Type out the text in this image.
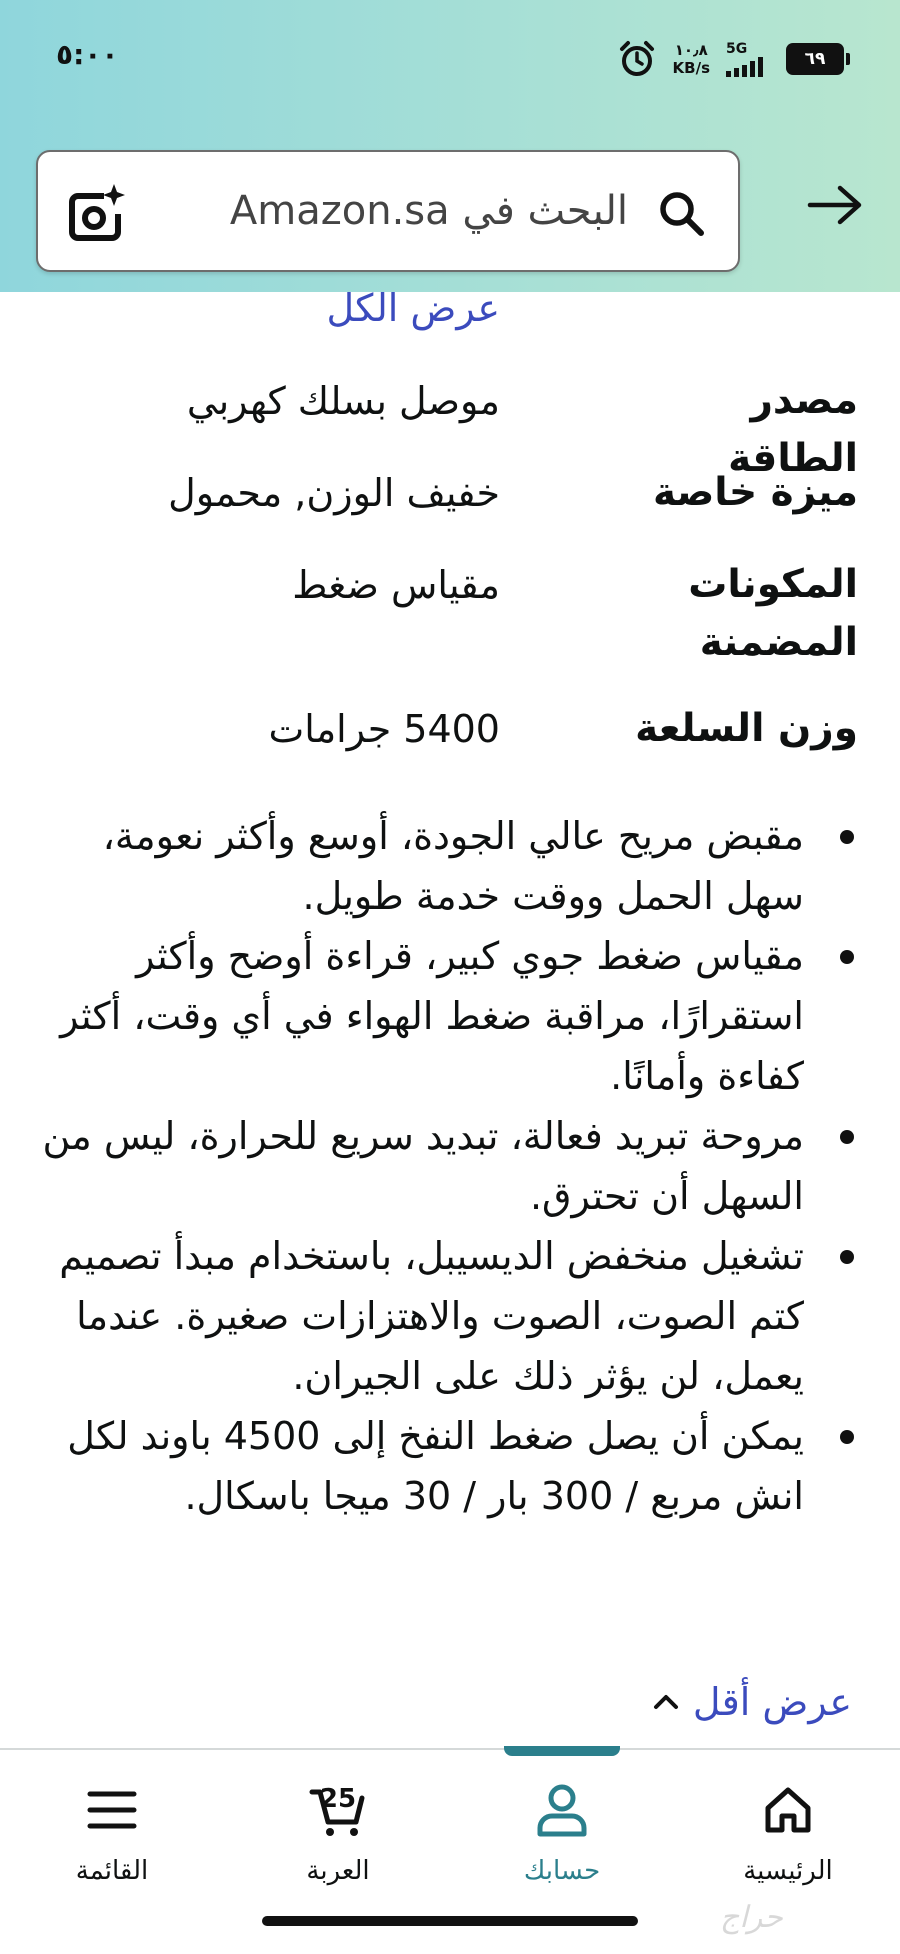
٥:٠٠	١٠٫٨
KB/s
5G	٦٩
البحث في Amazon.sa
عرض الكل
مصدر الطاقة
موصل بسلك كهربي
ميزة خاصة
خفيف الوزن, محمول
المكونات المضمنة
مقياس ضغط
وزن السلعة
5400 جرامات
مقبض مريح عالي الجودة، أوسع وأكثر نعومة، سهل الحمل ووقت خدمة طويل.
مقياس ضغط جوي كبير، قراءة أوضح وأكثر استقرارًا، مراقبة ضغط الهواء في أي وقت، أكثر كفاءة وأمانًا.
مروحة تبريد فعالة، تبديد سريع للحرارة، ليس من السهل أن تحترق.
تشغيل منخفض الديسيبل، باستخدام مبدأ تصميم كتم الصوت، الصوت والاهتزازات صغيرة. عندما يعمل، لن يؤثر ذلك على الجيران.
يمكن أن يصل ضغط النفخ إلى 4500 باوند لكل انش مربع / 300 بار / 30 ميجا باسكال.
عرض أقل
الرئيسية
حسابك
25
العربة
القائمة
حراج
